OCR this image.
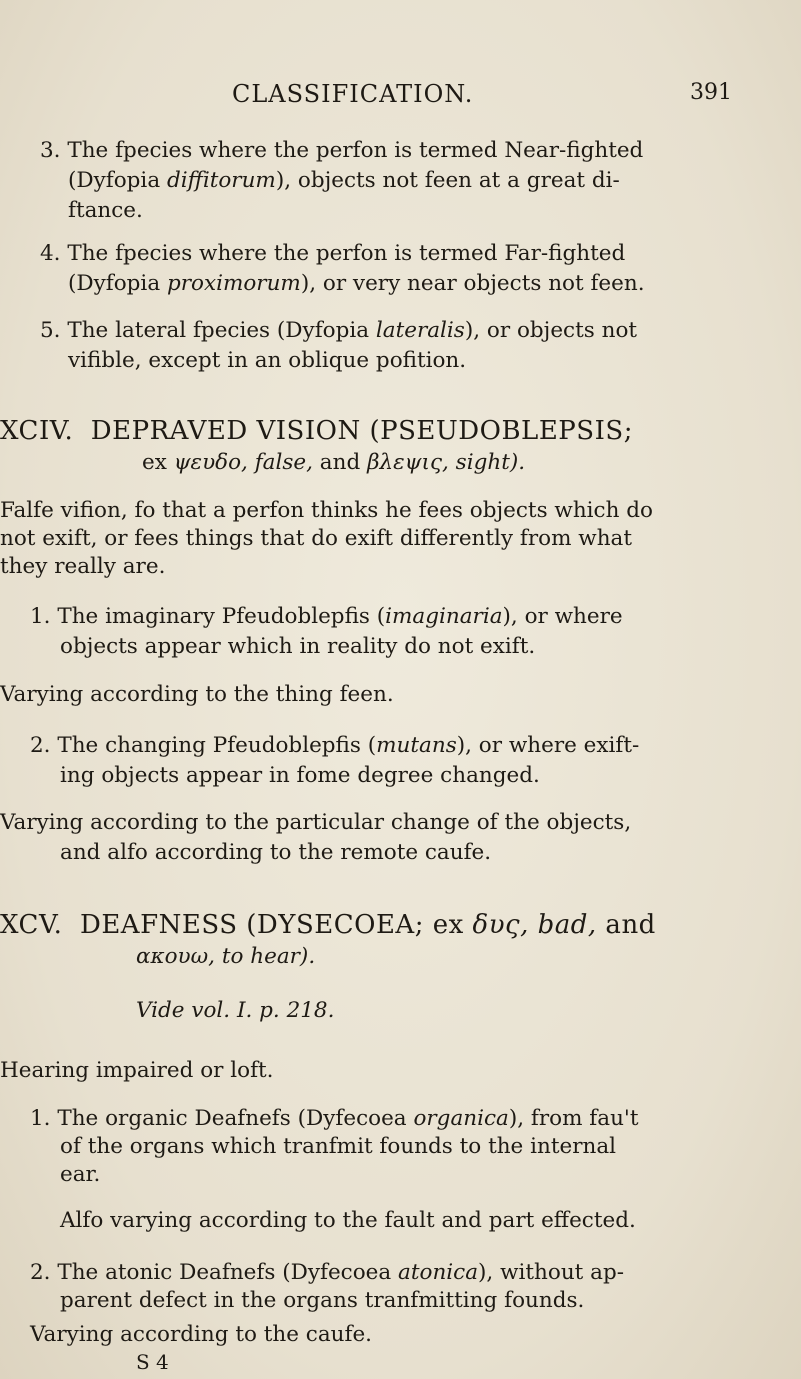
CLASSIFICATION.	391
3. The fpecies where the perfon is termed Near-fighted
(Dyfopia diffitorum), objects not feen at a great di-
ftance.
4. The fpecies where the perfon is termed Far-fighted
(Dyfopia proximorum), or very near objects not feen.
5. The lateral fpecies (Dyfopia lateralis), or objects not
vifible, except in an oblique pofition.
XCIV. DEPRAVED VISION (PSEUDOBLEPSIS;
ex ψευδο, false, and βλεψις, sight).
Falfe vifion, fo that a perfon thinks he fees objects which do
not exift, or fees things that do exift differently from what
they really are.
1. The imaginary Pfeudoblepfis (imaginaria), or where
objects appear which in reality do not exift.
Varying according to the thing feen.
2. The changing Pfeudoblepfis (mutans), or where exift-
ing objects appear in fome degree changed.
Varying according to the particular change of the objects,
and alfo according to the remote caufe.
XCV. DEAFNESS (DYSECOEA; ex δυς, bad, and
ακουω, to hear).
Vide vol. I. p. 218.
Hearing impaired or loft.
1. The organic Deafnefs (Dyfecoea organica), from fau't
of the organs which tranfmit founds to the internal
ear.
Alfo varying according to the fault and part effected.
2. The atonic Deafnefs (Dyfecoea atonica), without ap-
parent defect in the organs tranfmitting founds.
Varying according to the caufe.
S 4
